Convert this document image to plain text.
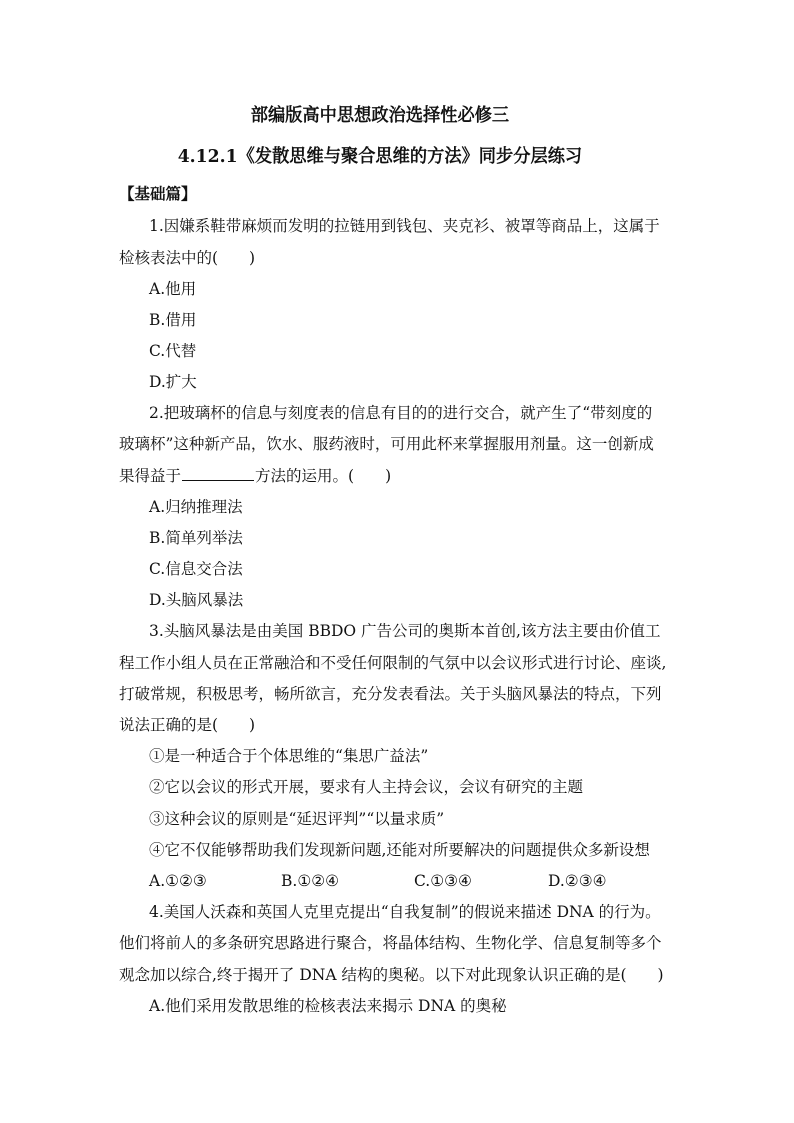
部编版高中思想政治选择性必修三
4.12.1《发散思维与聚合思维的方法》同步分层练习
【基础篇】
1.因嫌系鞋带麻烦而发明的拉链用到钱包、夹克衫、被罩等商品上，这属于
检核表法中的(　　)
A.他用
B.借用
C.代替
D.扩大
2.把玻璃杯的信息与刻度表的信息有目的的进行交合，就产生了“带刻度的
玻璃杯”这种新产品，饮水、服药液时，可用此杯来掌握服用剂量。这一创新成
果得益于	方法的运用。(　　)
A.归纳推理法
B.简单列举法
C.信息交合法
D.头脑风暴法
3.头脑风暴法是由美国 BBDO 广告公司的奥斯本首创,该方法主要由价值工
程工作小组人员在正常融洽和不受任何限制的气氛中以会议形式进行讨论、座谈,
打破常规，积极思考，畅所欲言，充分发表看法。关于头脑风暴法的特点，下列
说法正确的是(　　)
①是一种适合于个体思维的“集思广益法”
②它以会议的形式开展，要求有人主持会议，会议有研究的主题
③这种会议的原则是“延迟评判”“以量求质”
④它不仅能够帮助我们发现新问题,还能对所要解决的问题提供众多新设想
A.①②③	B.①②④	C.①③④	D.②③④
4.美国人沃森和英国人克里克提出“自我复制”的假说来描述 DNA 的行为。
他们将前人的多条研究思路进行聚合，将晶体结构、生物化学、信息复制等多个
观念加以综合,终于揭开了 DNA 结构的奥秘。以下对此现象认识正确的是(　　)
A.他们采用发散思维的检核表法来揭示 DNA 的奥秘
